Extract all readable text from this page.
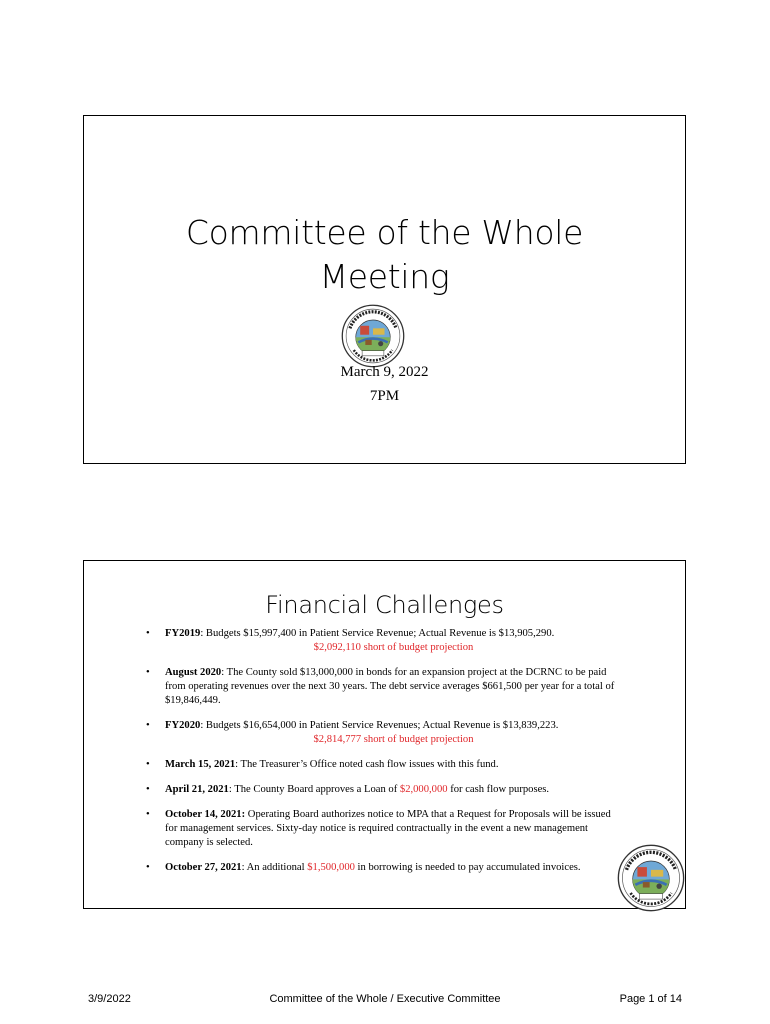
Committee of the Whole
Meeting
March 9, 2022
7PM
Financial Challenges
• FY2019: Budgets $15,997,400 in Patient Service Revenue; Actual Revenue is $13,905,290.
$2,092,110 short of budget projection
• August 2020: The County sold $13,000,000 in bonds for an expansion project at the DCRNC to be paid from operating revenues over the next 30 years. The debt service averages $661,500 per year for a total of $19,846,449.
• FY2020: Budgets $16,654,000 in Patient Service Revenues; Actual Revenue is $13,839,223.
$2,814,777 short of budget projection
• March 15, 2021: The Treasurer’s Office noted cash flow issues with this fund.
• April 21, 2021: The County Board approves a Loan of $2,000,000 for cash flow purposes.
• October 14, 2021: Operating Board authorizes notice to MPA that a Request for Proposals will be issued for management services. Sixty-day notice is required contractually in the event a new management company is selected.
• October 27, 2021: An additional $1,500,000 in borrowing is needed to pay accumulated invoices.
3/9/2022	Committee of the Whole / Executive Committee	Page 1 of 14
